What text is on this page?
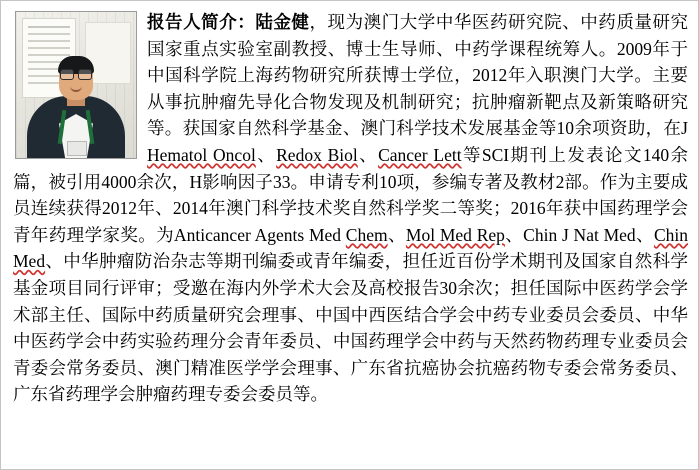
报告人简介：陆金健，现为澳门大学中华医药研究院、中药质量研究国家重点实验室副教授、博士生导师、中药学课程统筹人。2009年于中国科学院上海药物研究所获博士学位，2012年入职澳门大学。主要从事抗肿瘤先导化合物发现及机制研究；抗肿瘤新靶点及新策略研究等。获国家自然科学基金、澳门科学技术发展基金等10余项资助，在J Hematol Oncol、Redox Biol、Cancer Lett等SCI期刊上发表论文140余篇，被引用4000余次，H影响因子33。申请专利10项，参编专著及教材2部。作为主要成员连续获得2012年、2014年澳门科学技术奖自然科学奖二等奖；2016年获中国药理学会青年药理学家奖。为Anticancer Agents Med Chem、Mol Med Rep、Chin J Nat Med、Chin Med、中华肿瘤防治杂志等期刊编委或青年编委，担任近百份学术期刊及国家自然科学基金项目同行评审；受邀在海内外学术大会及高校报告30余次；担任国际中医药学会学术部主任、国际中药质量研究会理事、中国中西医结合学会中药专业委员会委员、中华中医药学会中药实验药理分会青年委员、中国药理学会中药与天然药物药理专业委员会青委会常务委员、澳门精准医学学会理事、广东省抗癌协会抗癌药物专委会常务委员、广东省药理学会肿瘤药理专委会委员等。
